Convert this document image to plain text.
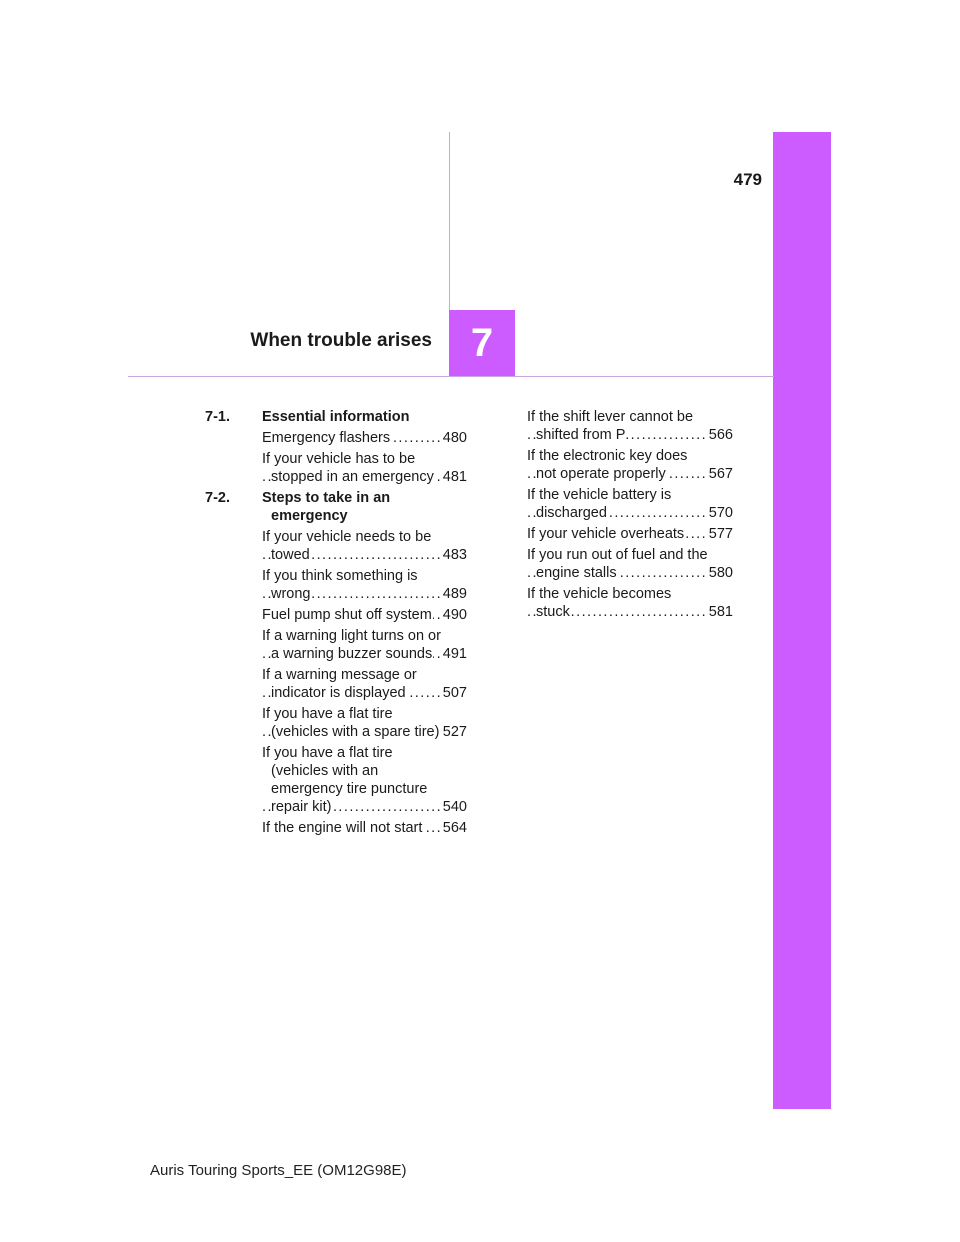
479
When trouble arises 7
7-1.	Essential information
Emergency flashers . . .	480
If your vehicle has to be stopped in an emergency . . . 481
7-2.	Steps to take in an emergency
If your vehicle needs to be towed . . .	483
If you think something is wrong . . .	489
Fuel pump shut off system . . . 490
If a warning light turns on or a warning buzzer sounds . . . 491
If a warning message or indicator is displayed . . .	507
If you have a flat tire (vehicles with a spare tire) . . . 527
If you have a flat tire (vehicles with an emergency tire puncture repair kit) . . .	540
If the engine will not start . . .	564
If the shift lever cannot be shifted from P . . .	566
If the electronic key does not operate properly . . .	567
If the vehicle battery is discharged . . .	570
If your vehicle overheats . . .	577
If you run out of fuel and the engine stalls . . .	580
If the vehicle becomes stuck . . .	581
Auris Touring Sports_EE (OM12G98E)
